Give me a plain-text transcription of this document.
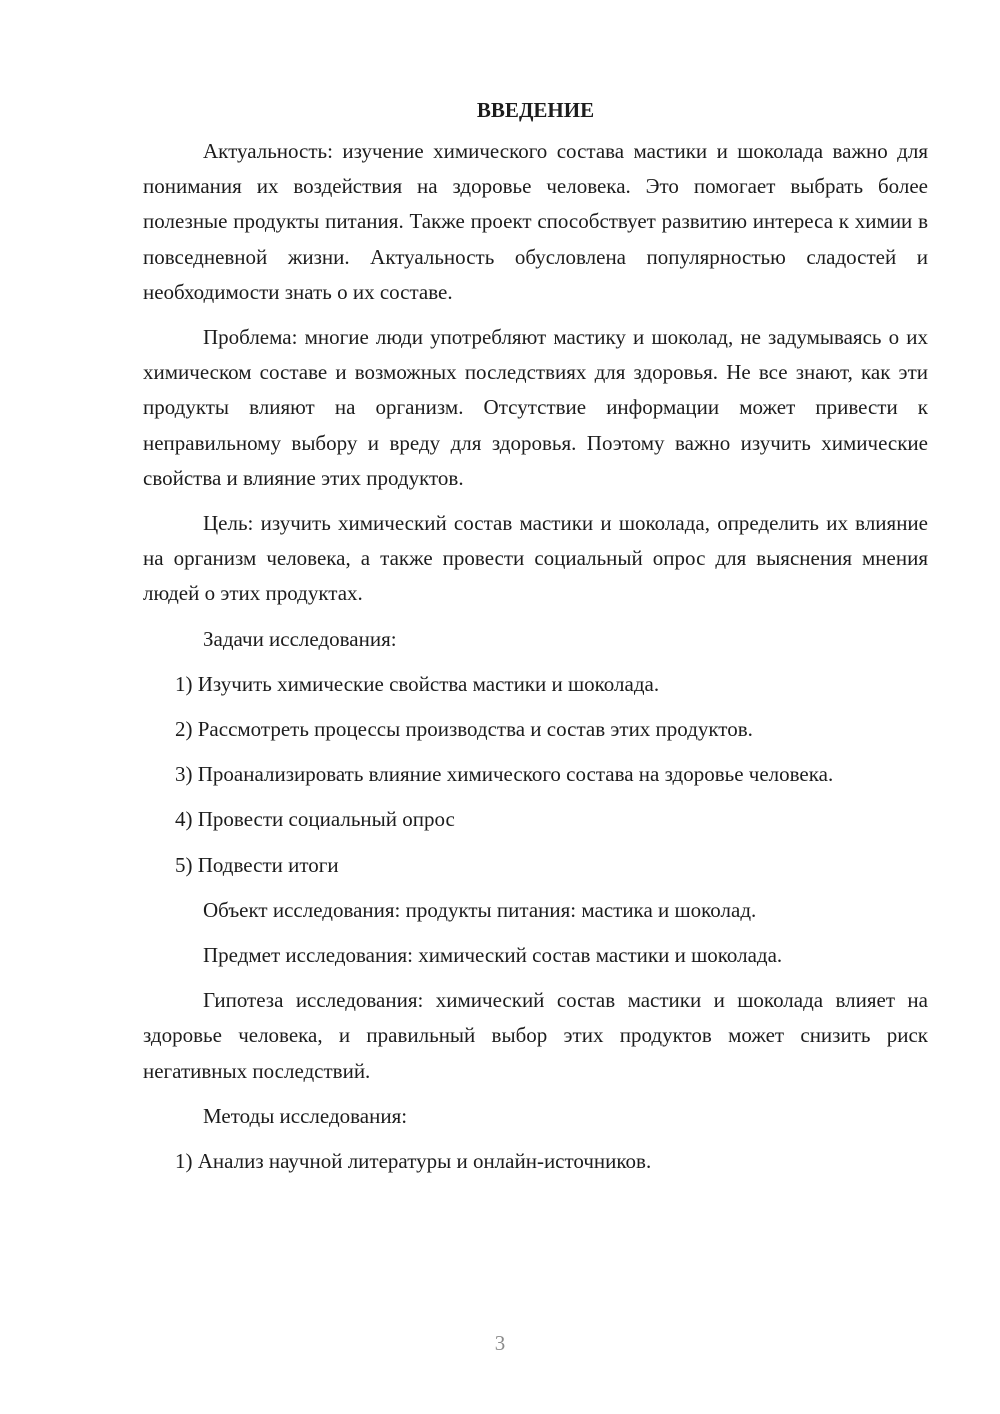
ВВЕДЕНИЕ

Актуальность: изучение химического состава мастики и шоколада важно для понимания их воздействия на здоровье человека. Это помогает выбрать более полезные продукты питания. Также проект способствует развитию интереса к химии в повседневной жизни. Актуальность обусловлена популярностью сладостей и необходимости знать о их составе.

Проблема: многие люди употребляют мастику и шоколад, не задумываясь о их химическом составе и возможных последствиях для здоровья. Не все знают, как эти продукты влияют на организм. Отсутствие информации может привести к неправильному выбору и вреду для здоровья. Поэтому важно изучить химические свойства и влияние этих продуктов.

Цель: изучить химический состав мастики и шоколада, определить их влияние на организм человека, а также провести социальный опрос для выяснения мнения людей о этих продуктах.

Задачи исследования:

1) Изучить химические свойства мастики и шоколада.

2) Рассмотреть процессы производства и состав этих продуктов.

3) Проанализировать влияние химического состава на здоровье человека.

4) Провести социальный опрос

5) Подвести итоги

Объект исследования: продукты питания: мастика и шоколад.

Предмет исследования: химический состав мастики и шоколада.

Гипотеза исследования: химический состав мастики и шоколада влияет на здоровье человека, и правильный выбор этих продуктов может снизить риск негативных последствий.

Методы исследования:

1) Анализ научной литературы и онлайн-источников.

3
